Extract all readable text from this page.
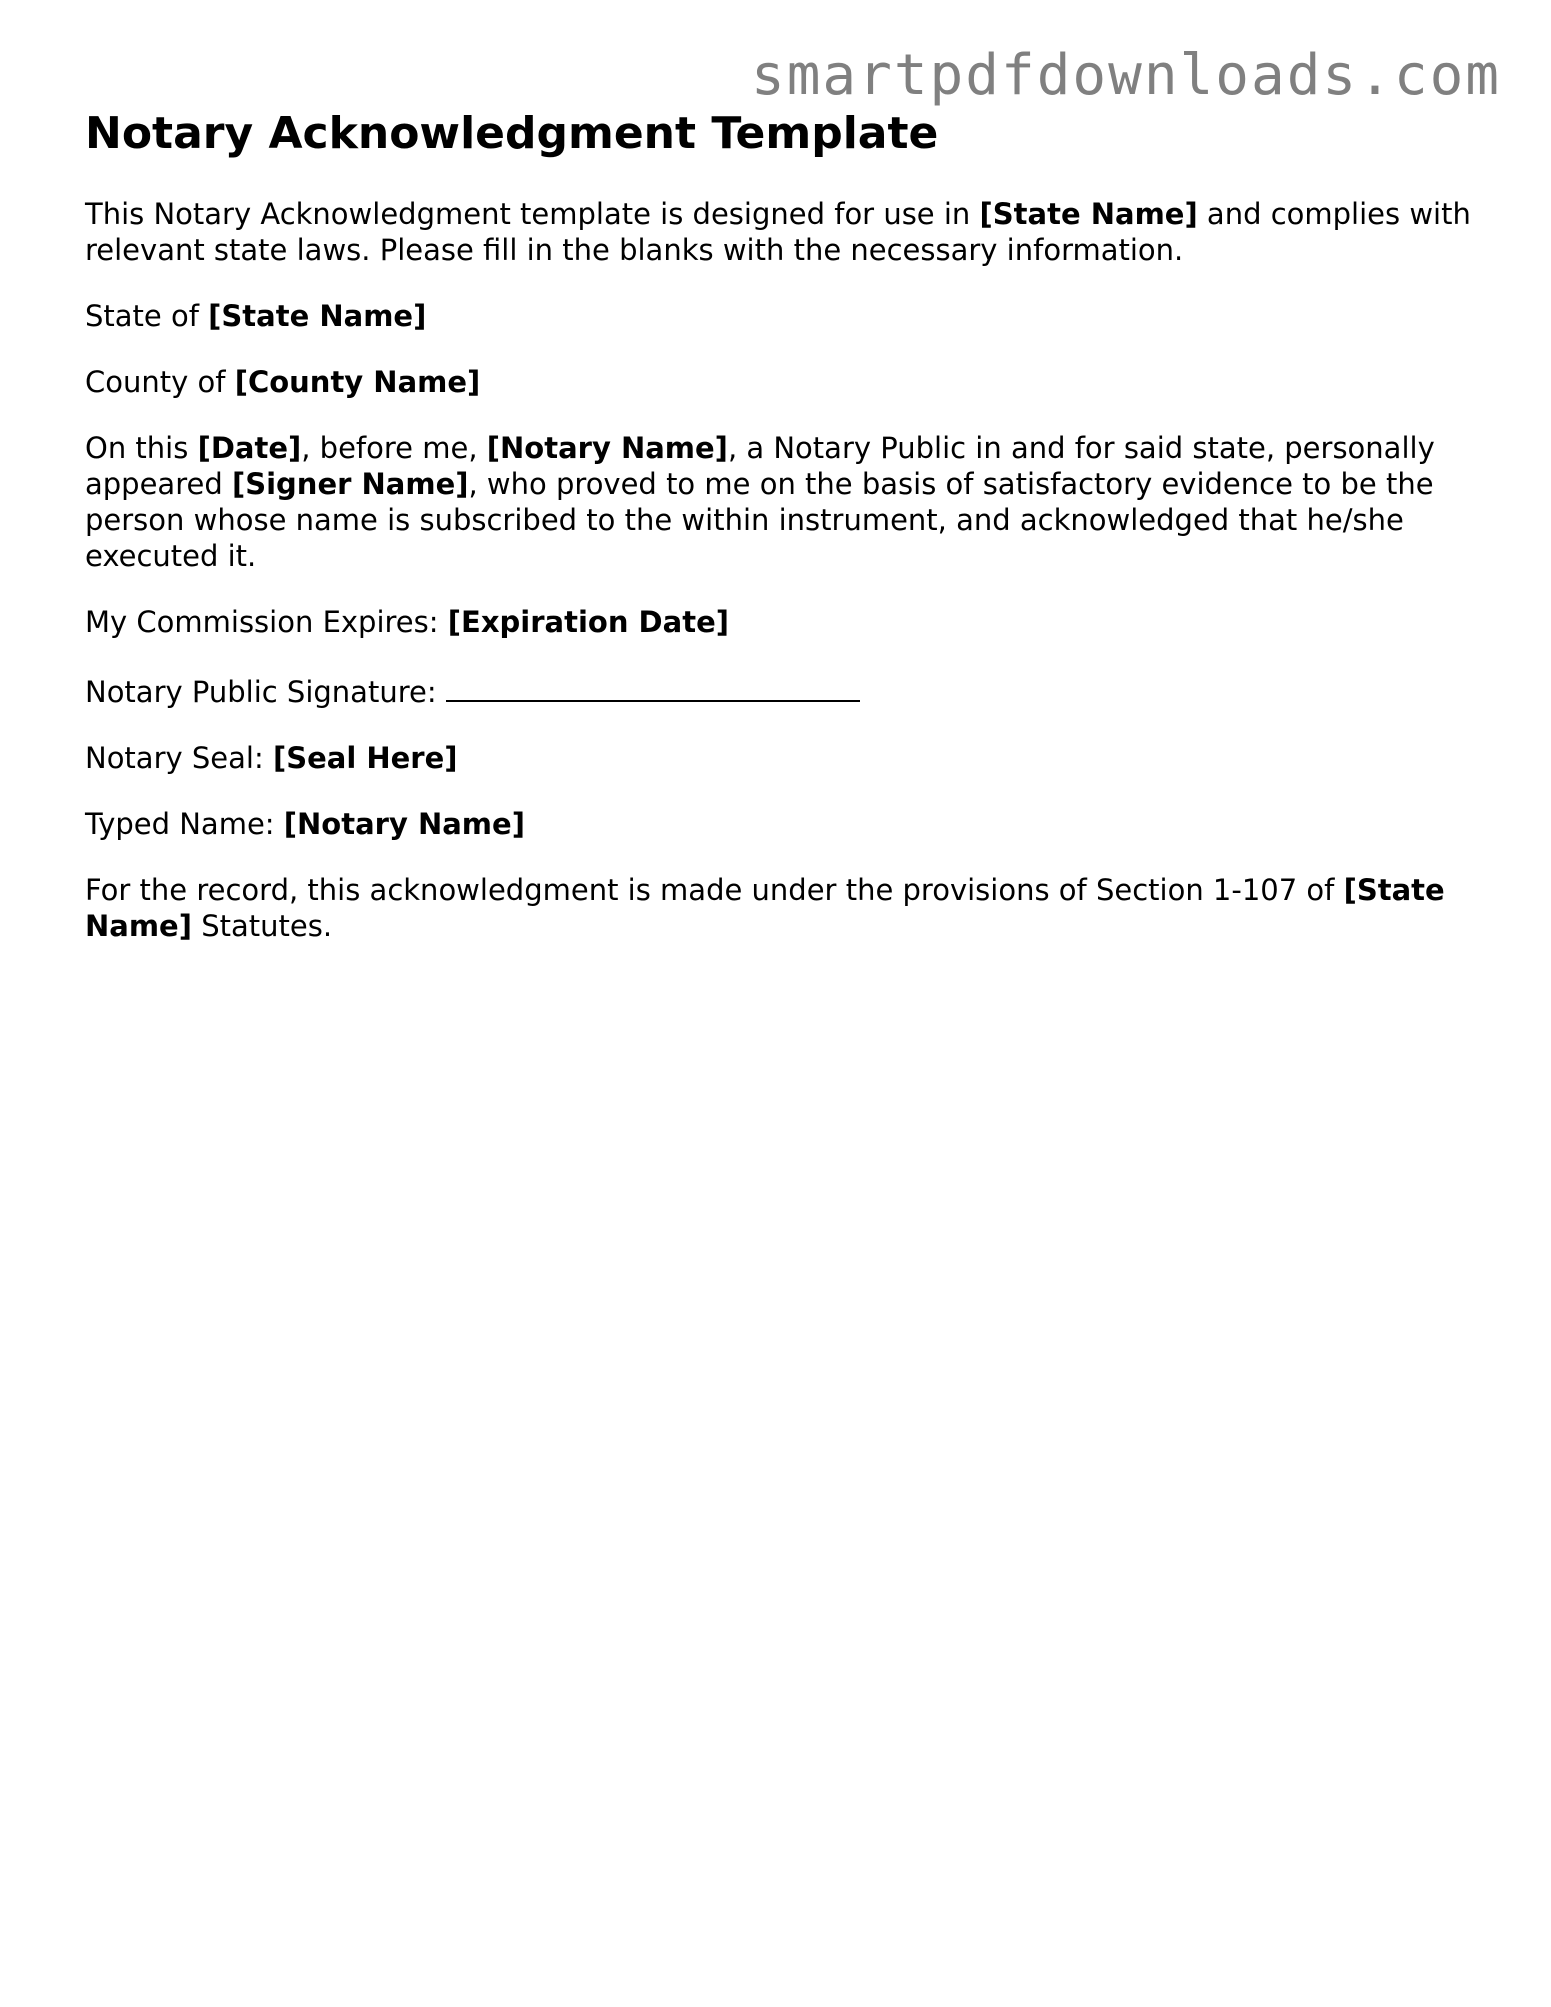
smartpdfdownloads.com
Notary Acknowledgment Template

This Notary Acknowledgment template is designed for use in [State Name] and complies with relevant state laws. Please fill in the blanks with the necessary information.

State of [State Name]

County of [County Name]

On this [Date], before me, [Notary Name], a Notary Public in and for said state, personally appeared [Signer Name], who proved to me on the basis of satisfactory evidence to be the person whose name is subscribed to the within instrument, and acknowledged that he/she executed it.

My Commission Expires: [Expiration Date]

Notary Public Signature:

Notary Seal: [Seal Here]

Typed Name: [Notary Name]

For the record, this acknowledgment is made under the provisions of Section 1-107 of [State Name] Statutes.
